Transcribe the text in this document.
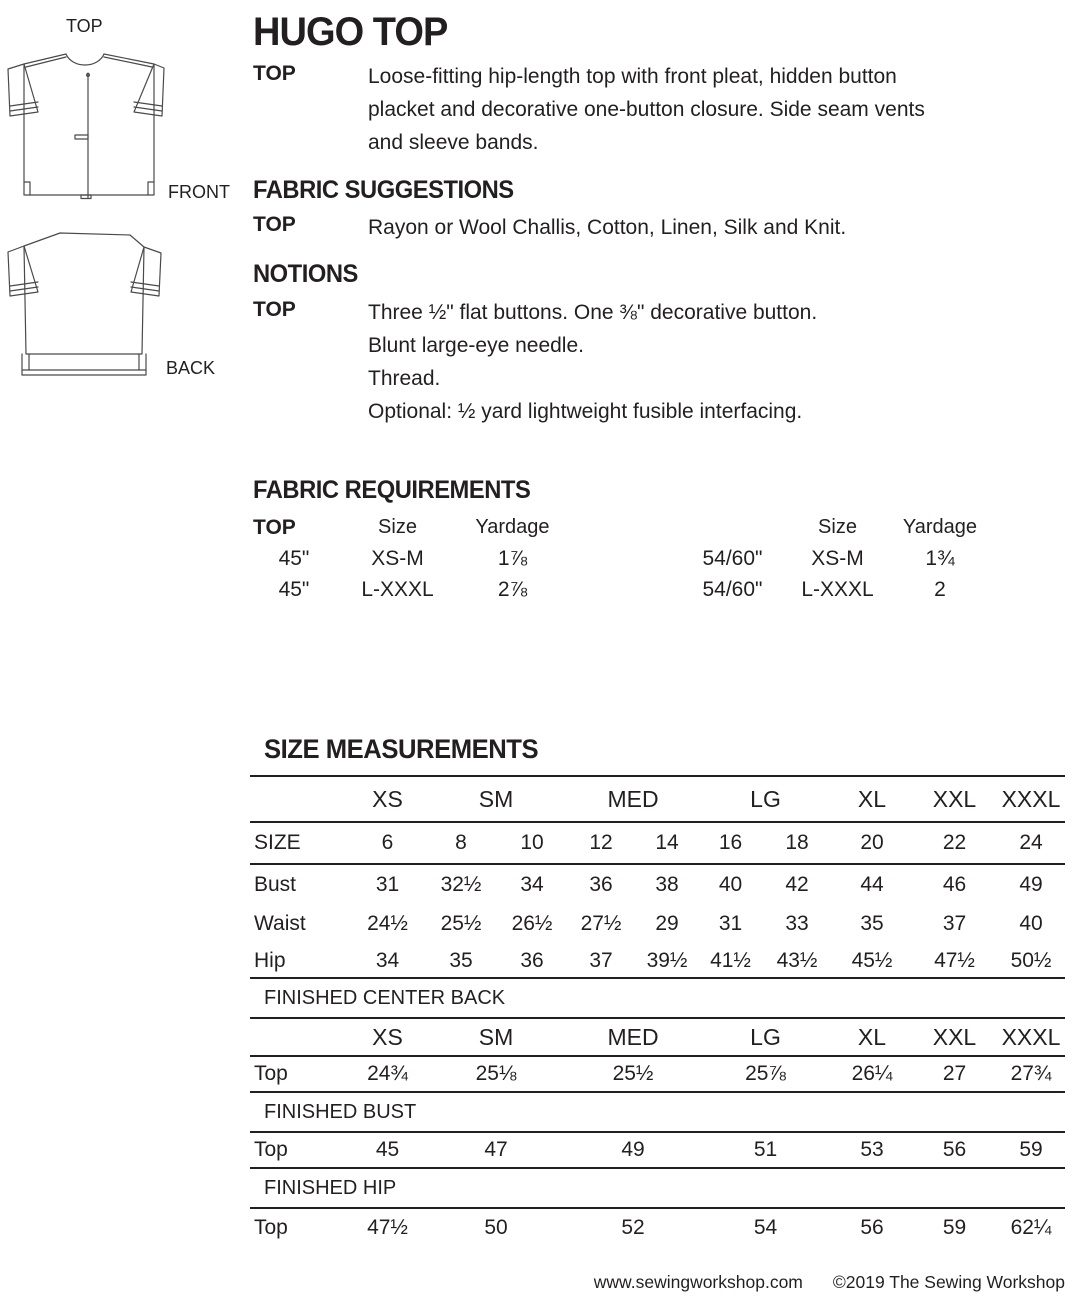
TOP
FRONT
BACK
HUGO TOP
TOP	Loose-fitting hip-length top with front pleat, hidden button
placket and decorative one-button closure. Side seam vents
and sleeve bands.
FABRIC SUGGESTIONS
TOP	Rayon or Wool Challis, Cotton, Linen, Silk and Knit.
NOTIONS
TOP	Three ½" flat buttons. One ⅜" decorative button.
Blunt large-eye needle.
Thread.
Optional: ½ yard lightweight fusible interfacing.
FABRIC REQUIREMENTS
TOP	Size	Yardage			Size	Yardage
45"	XS-M	1⅞		54/60"	XS-M	1¾
45"	L-XXXL	2⅞		54/60"	L-XXXL	2
SIZE MEASUREMENTS
	XS	SM		MED		LG		XL	XXL	XXXL
SIZE	6	8	10	12	14	16	18	20	22	24
Bust	31	32½	34	36	38	40	42	44	46	49
Waist	24½	25½	26½	27½	29	31	33	35	37	40
Hip	34	35	36	37	39½	41½	43½	45½	47½	50½
FINISHED CENTER BACK										
	XS	SM		MED		LG		XL	XXL	XXXL
Top	24¾	25⅛		25½		25⅞		26¼	27	27¾
FINISHED BUST										
Top	45	47		49		51		53	56	59
FINISHED HIP										
Top	47½	50		52		54		56	59	62¼
www.sewingworkshop.com ©2019 The Sewing Workshop
